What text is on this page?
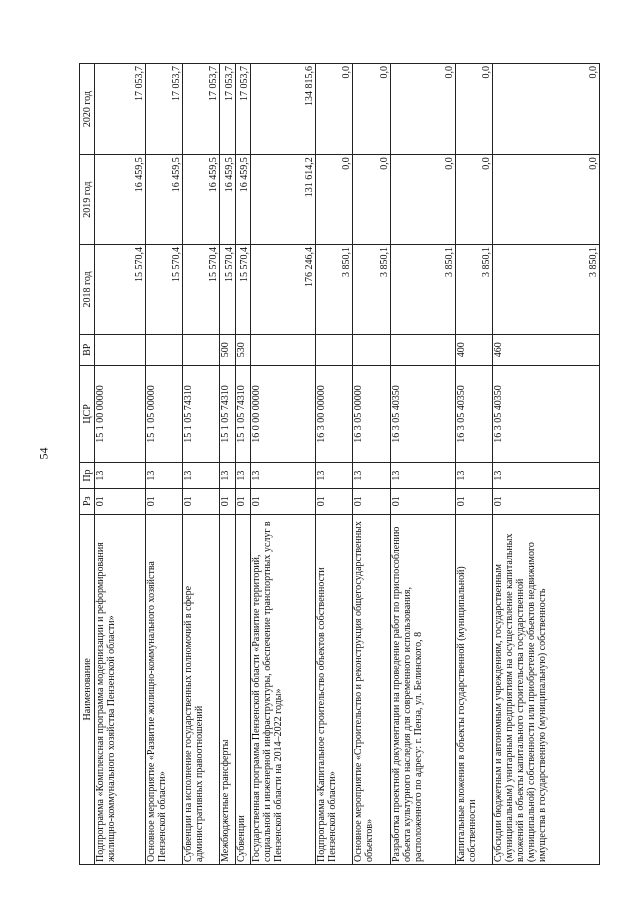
54
Наименование	Рз	Пр	ЦСР	ВР	2018 год	2019 год	2020 год
Подпрограмма «Комплексная программа модернизации и реформирования жилищно-коммунального хозяйства Пензенской области»	01	13	15 1 00 00000		15 570,4	16 459,5	17 053,7
Основное мероприятие «Развитие жилищно-коммунального хозяйства Пензенской области»	01	13	15 1 05 00000		15 570,4	16 459,5	17 053,7
Субвенции на исполнение государственных полномочий в сфере административных правоотношений	01	13	15 1 05 74310		15 570,4	16 459,5	17 053,7
Межбюджетные трансферты	01	13	15 1 05 74310	500	15 570,4	16 459,5	17 053,7
Субвенции	01	13	15 1 05 74310	530	15 570,4	16 459,5	17 053,7
Государственная программа Пензенской области «Развитие территорий, социальной и инженерной инфраструктуры, обеспечение транспортных услуг в Пензенской области на 2014–2022 годы»	01	13	16 0 00 00000		176 246,4	131 614,2	134 815,6
Подпрограмма «Капитальное строительство объектов собственности Пензенской области»	01	13	16 3 00 00000		3 850,1	0,0	0,0
Основное мероприятие «Строительство и реконструкция общегосударственных объектов»	01	13	16 3 05 00000		3 850,1	0,0	0,0
Разработка проектной документации на проведение работ по приспособлению объекта культурного наследия для современного использования, расположенного по адресу: г. Пенза, ул. Белинского, 8	01	13	16 3 05 40350		3 850,1	0,0	0,0
Капитальные вложения в объекты государственной (муниципальной) собственности	01	13	16 3 05 40350	400	3 850,1	0,0	0,0
Субсидии бюджетным и автономным учреждениям, государственным (муниципальным) унитарным предприятиям на осуществление капитальных вложений в объекты капитального строительства государственной (муниципальной) собственности или приобретение объектов недвижимого имущества в государственную (муниципальную) собственность	01	13	16 3 05 40350	460	3 850,1	0,0	0,0
